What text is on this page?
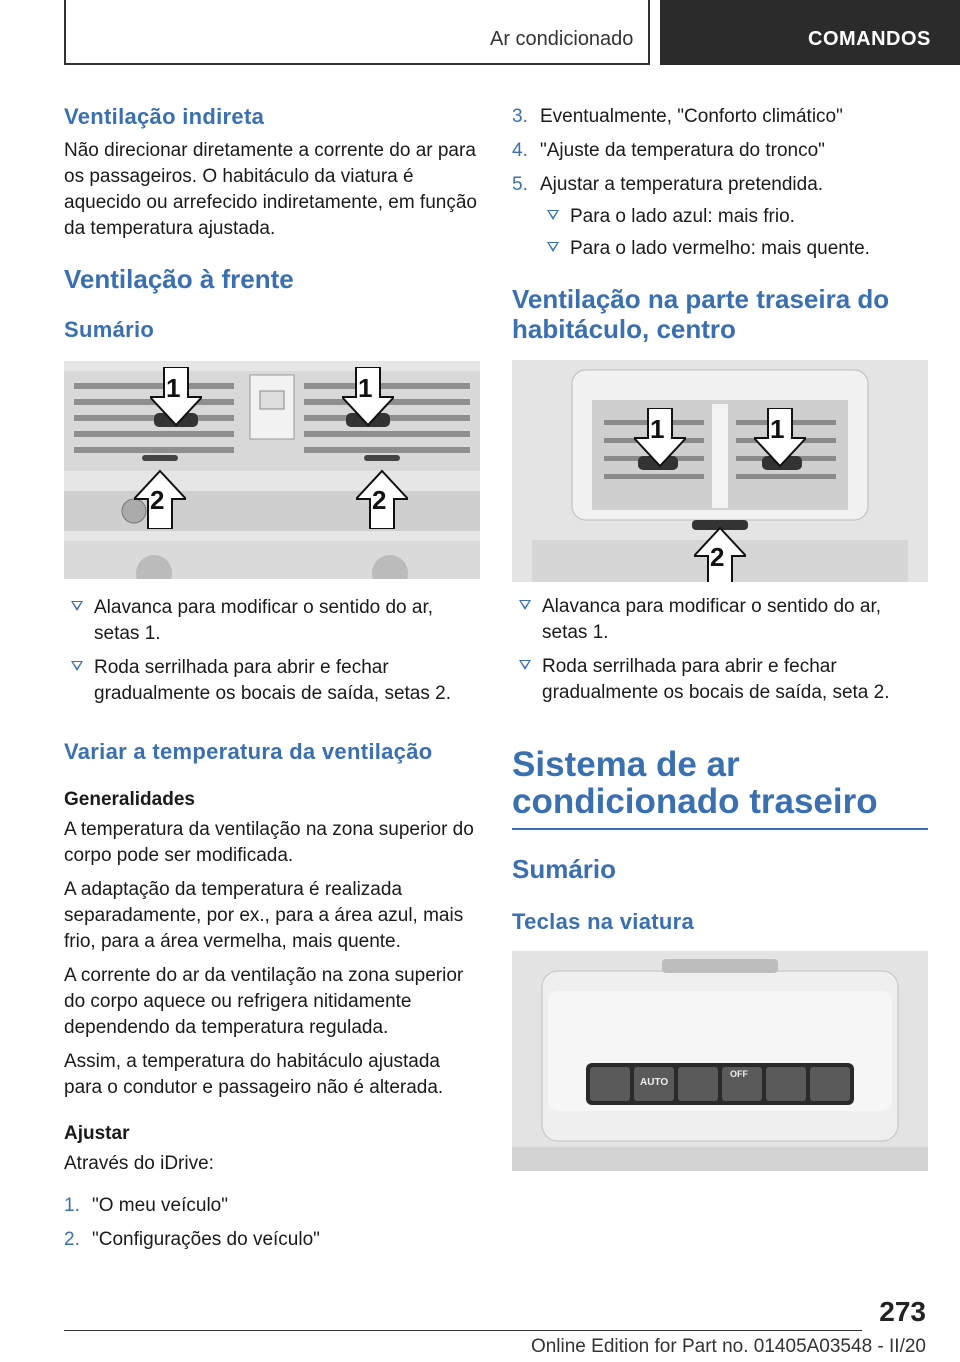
Ar condicionado	COMANDOS
Ventilação indireta

Não direcionar diretamente a corrente do ar para os passageiros. O habitáculo da viatura é aquecido ou arrefecido indiretamente, em função da temperatura ajustada.

Ventilação à frente
Sumário
1	1
2	2
Alavanca para modificar o sentido do ar, setas 1.
Roda serrilhada para abrir e fechar gradualmente os bocais de saída, setas 2.
Variar a temperatura da ventilação
Generalidades

A temperatura da ventilação na zona superior do corpo pode ser modificada.

A adaptação da temperatura é realizada separadamente, por ex., para a área azul, mais frio, para a área vermelha, mais quente.

A corrente do ar da ventilação na zona superior do corpo aquece ou refrigera nitidamente dependendo da temperatura regulada.

Assim, a temperatura do habitáculo ajustada para o condutor e passageiro não é alterada.

Ajustar

Através do iDrive:

1. "O meu veículo"
2. "Configurações do veículo"
3. Eventualmente, "Conforto climático"
4. "Ajuste da temperatura do tronco"
5. Ajustar a temperatura pretendida.
Para o lado azul: mais frio.
Para o lado vermelho: mais quente.
Ventilação na parte traseira do habitáculo, centro
1	1
2
Alavanca para modificar o sentido do ar, setas 1.
Roda serrilhada para abrir e fechar gradualmente os bocais de saída, seta 2.
Sistema de ar condicionado traseiro
Sumário
Teclas na viatura
AUTO
OFF
273
Online Edition for Part no. 01405A03548 - II/20
